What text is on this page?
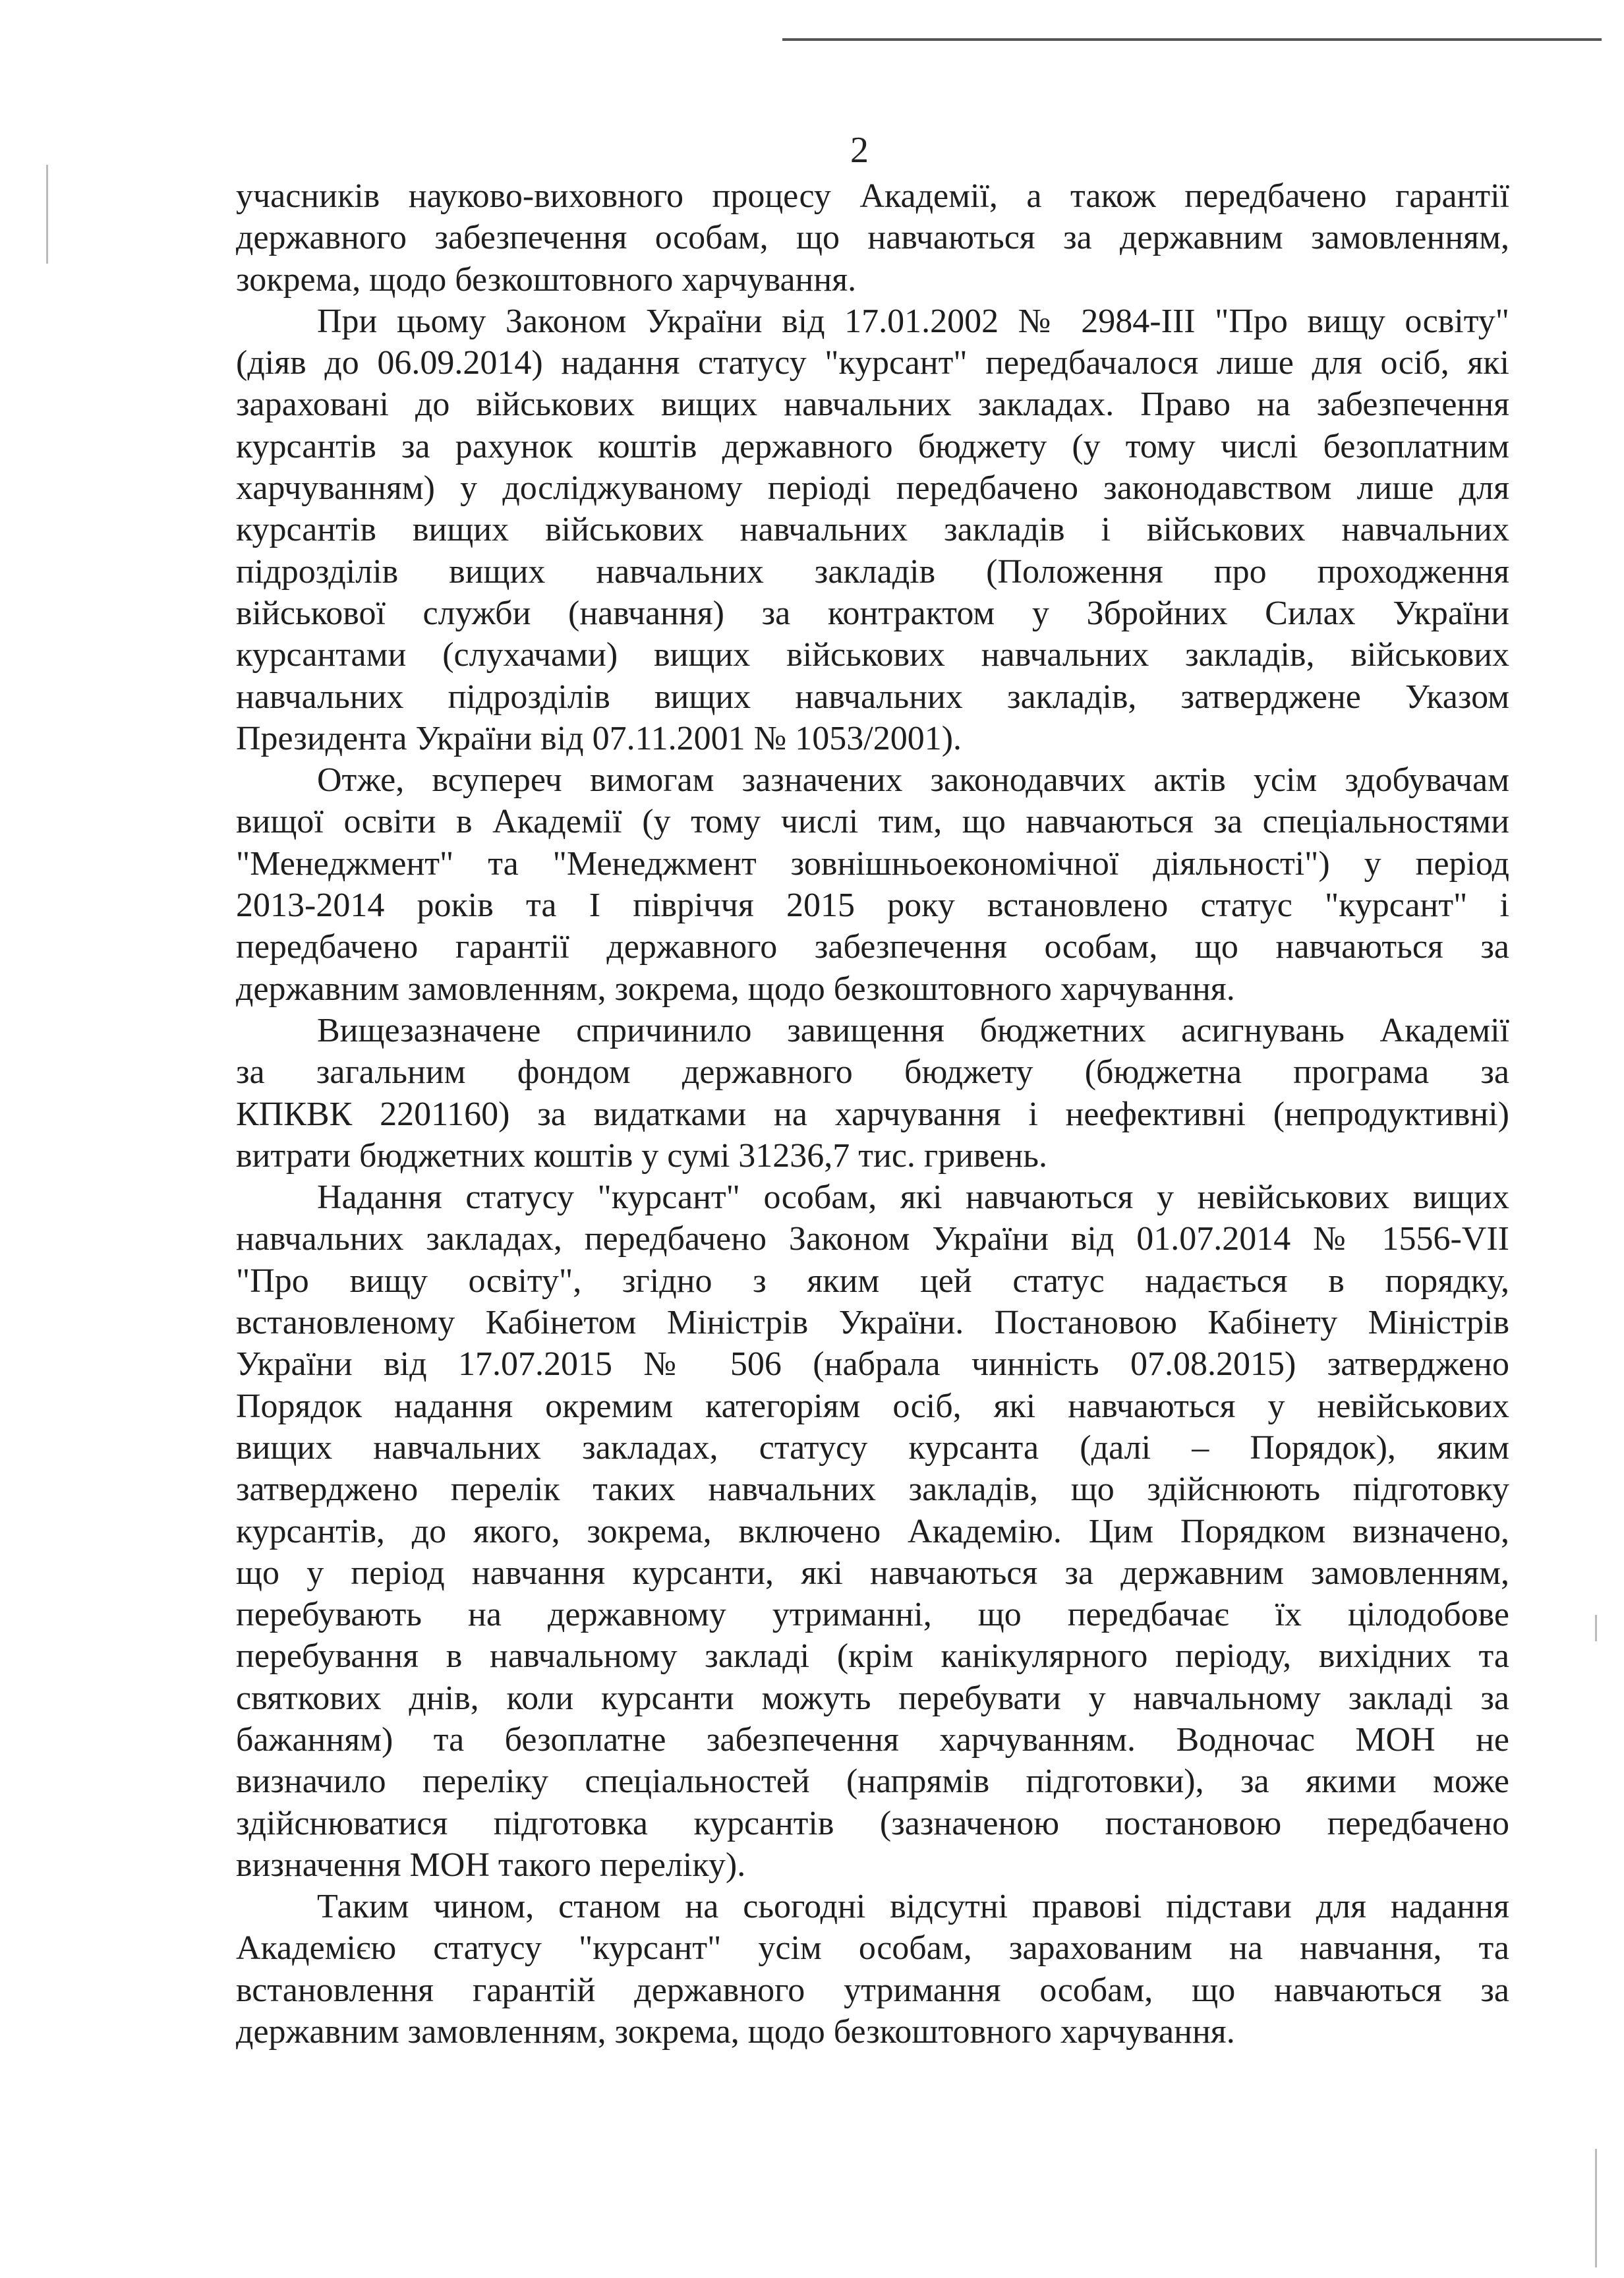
2
учасників науково-виховного процесу Академії, а також передбачено гарантії
державного забезпечення особам, що навчаються за державним замовленням,
зокрема, щодо безкоштовного харчування.
При цьому Законом України від 17.01.2002 № 2984-III "Про вищу освіту"
(діяв до 06.09.2014) надання статусу "курсант" передбачалося лише для осіб, які
зараховані до військових вищих навчальних закладах. Право на забезпечення
курсантів за рахунок коштів державного бюджету (у тому числі безоплатним
харчуванням) у досліджуваному періоді передбачено законодавством лише для
курсантів вищих військових навчальних закладів і військових навчальних
підрозділів вищих навчальних закладів (Положення про проходження
військової служби (навчання) за контрактом у Збройних Силах України
курсантами (слухачами) вищих військових навчальних закладів, військових
навчальних підрозділів вищих навчальних закладів, затверджене Указом
Президента України від 07.11.2001 № 1053/2001).
Отже, всупереч вимогам зазначених законодавчих актів усім здобувачам
вищої освіти в Академії (у тому числі тим, що навчаються за спеціальностями
"Менеджмент" та "Менеджмент зовнішньоекономічної діяльності") у період
2013-2014 років та І півріччя 2015 року встановлено статус "курсант" і
передбачено гарантії державного забезпечення особам, що навчаються за
державним замовленням, зокрема, щодо безкоштовного харчування.
Вищезазначене спричинило завищення бюджетних асигнувань Академії
за загальним фондом державного бюджету (бюджетна програма за
КПКВК 2201160) за видатками на харчування і неефективні (непродуктивні)
витрати бюджетних коштів у сумі 31236,7 тис. гривень.
Надання статусу "курсант" особам, які навчаються у невійськових вищих
навчальних закладах, передбачено Законом України від 01.07.2014 № 1556-VII
"Про вищу освіту", згідно з яким цей статус надається в порядку,
встановленому Кабінетом Міністрів України. Постановою Кабінету Міністрів
України від 17.07.2015 № 506 (набрала чинність 07.08.2015) затверджено
Порядок надання окремим категоріям осіб, які навчаються у невійськових
вищих навчальних закладах, статусу курсанта (далі – Порядок), яким
затверджено перелік таких навчальних закладів, що здійснюють підготовку
курсантів, до якого, зокрема, включено Академію. Цим Порядком визначено,
що у період навчання курсанти, які навчаються за державним замовленням,
перебувають на державному утриманні, що передбачає їх цілодобове
перебування в навчальному закладі (крім канікулярного періоду, вихідних та
святкових днів, коли курсанти можуть перебувати у навчальному закладі за
бажанням) та безоплатне забезпечення харчуванням. Водночас МОН не
визначило переліку спеціальностей (напрямів підготовки), за якими може
здійснюватися підготовка курсантів (зазначеною постановою передбачено
визначення МОН такого переліку).
Таким чином, станом на сьогодні відсутні правові підстави для надання
Академією статусу "курсант" усім особам, зарахованим на навчання, та
встановлення гарантій державного утримання особам, що навчаються за
державним замовленням, зокрема, щодо безкоштовного харчування.
